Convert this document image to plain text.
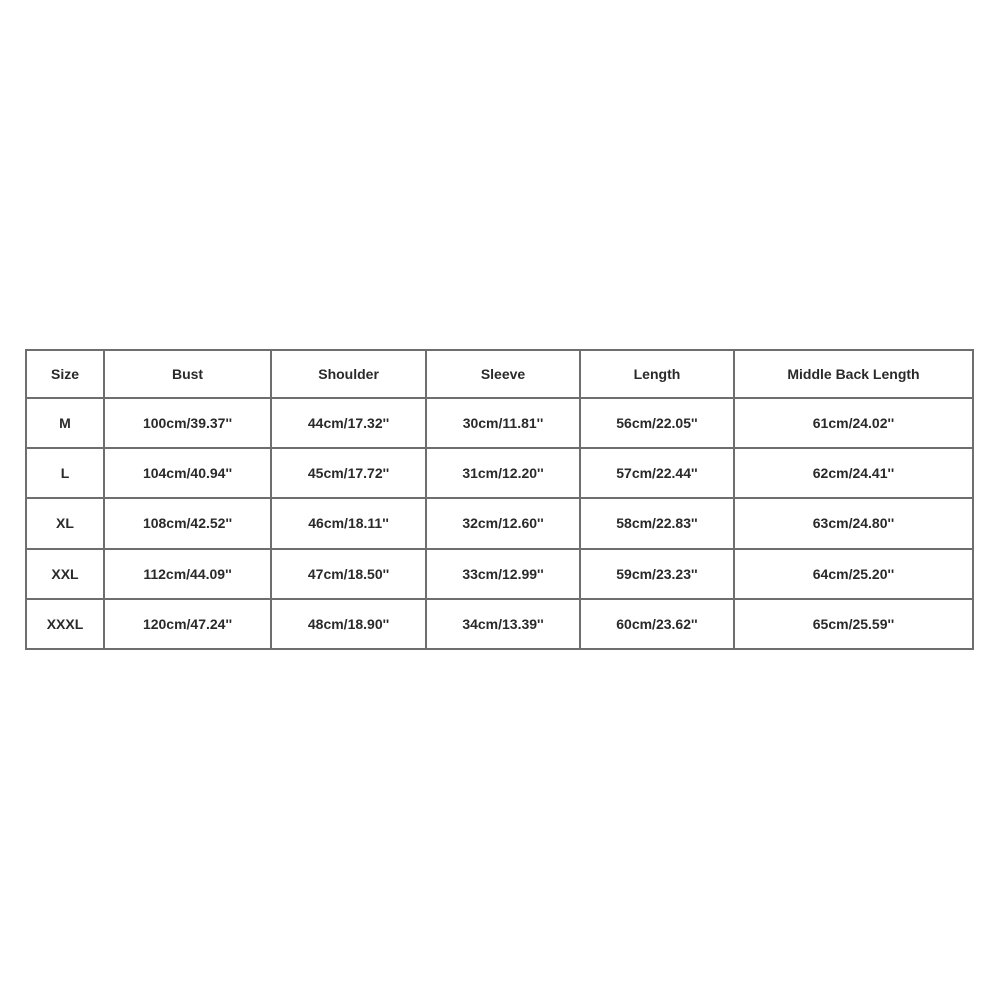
Size	Bust	Shoulder	Sleeve	Length	Middle Back Length
M	100cm/39.37''	44cm/17.32''	30cm/11.81''	56cm/22.05''	61cm/24.02''
L	104cm/40.94''	45cm/17.72''	31cm/12.20''	57cm/22.44''	62cm/24.41''
XL	108cm/42.52''	46cm/18.11''	32cm/12.60''	58cm/22.83''	63cm/24.80''
XXL	112cm/44.09''	47cm/18.50''	33cm/12.99''	59cm/23.23''	64cm/25.20''
XXXL	120cm/47.24''	48cm/18.90''	34cm/13.39''	60cm/23.62''	65cm/25.59''
